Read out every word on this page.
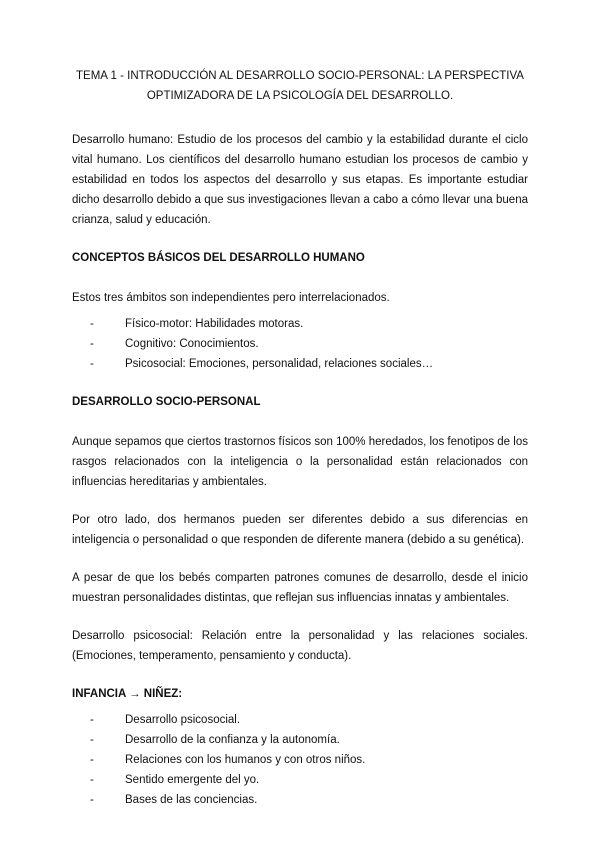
TEMA 1 - INTRODUCCIÓN AL DESARROLLO SOCIO-PERSONAL: LA PERSPECTIVA
OPTIMIZADORA DE LA PSICOLOGÍA DEL DESARROLLO.

Desarrollo humano: Estudio de los procesos del cambio y la estabilidad durante el ciclo vital humano. Los científicos del desarrollo humano estudian los procesos de cambio y estabilidad en todos los aspectos del desarrollo y sus etapas. Es importante estudiar dicho desarrollo debido a que sus investigaciones llevan a cabo a cómo llevar una buena crianza, salud y educación.

CONCEPTOS BÁSICOS DEL DESARROLLO HUMANO

Estos tres ámbitos son independientes pero interrelacionados.

- Físico-motor: Habilidades motoras.
- Cognitivo: Conocimientos.
- Psicosocial: Emociones, personalidad, relaciones sociales…
DESARROLLO SOCIO-PERSONAL

Aunque sepamos que ciertos trastornos físicos son 100% heredados, los fenotipos de los rasgos relacionados con la inteligencia o la personalidad están relacionados con influencias hereditarias y ambientales.

Por otro lado, dos hermanos pueden ser diferentes debido a sus diferencias en inteligencia o personalidad o que responden de diferente manera (debido a su genética).

A pesar de que los bebés comparten patrones comunes de desarrollo, desde el inicio muestran personalidades distintas, que reflejan sus influencias innatas y ambientales.

Desarrollo psicosocial: Relación entre la personalidad y las relaciones sociales. (Emociones, temperamento, pensamiento y conducta).

INFANCIA → NIÑEZ:
- Desarrollo psicosocial.
- Desarrollo de la confianza y la autonomía.
- Relaciones con los humanos y con otros niños.
- Sentido emergente del yo.
- Bases de las conciencias.
